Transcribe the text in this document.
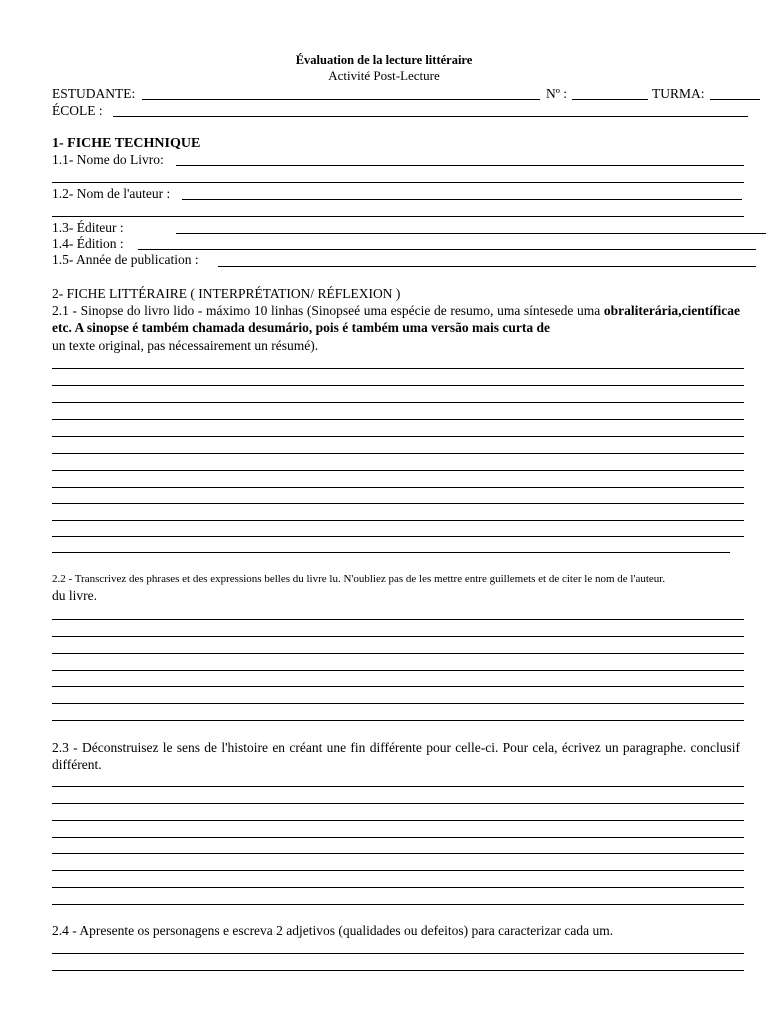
Évaluation de la lecture littéraire
Activité Post-Lecture
ESTUDANTE:	Nº :	TURMA:
ÉCOLE :
1- FICHE TECHNIQUE
1.1- Nome do Livro:
1.2- Nom de l'auteur :
1.3- Éditeur :
1.4- Édition :
1.5- Année de publication :
2- FICHE LITTÉRAIRE ( INTERPRÉTATION/ RÉFLEXION )
2.1 - Sinopse do livro lido - máximo 10 linhas (Sinopseé uma espécie de resumo, uma síntesede uma obraliterária,científicae etc. A sinopse é também chamada desumário, pois é também uma versão mais curta de
un texte original, pas nécessairement un résumé).
2.2 - Transcrivez des phrases et des expressions belles du livre lu. N'oubliez pas de les mettre entre guillemets et de citer le nom de l'auteur.
du livre.
2.3 - Déconstruisez le sens de l'histoire en créant une fin différente pour celle-ci. Pour cela, écrivez un paragraphe. conclusif différent.
2.4 - Apresente os personagens e escreva 2 adjetivos (qualidades ou defeitos) para caracterizar cada um.
